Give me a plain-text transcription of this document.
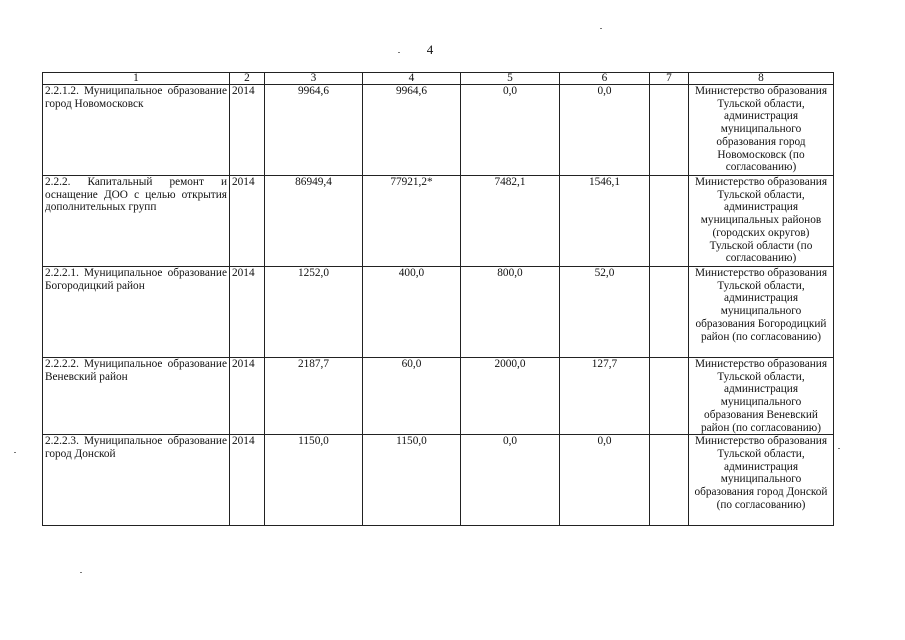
4
1	2	3	4	5	6	7	8
2.2.1.2. Муниципальное образование город Новомосковск	2014	9964,6	9964,6	0,0	0,0		Министерство образования Тульской области, администрация муниципального образования город Новомосковск (по согласованию)
2.2.2. Капитальный ремонт и оснащение ДОО с целью открытия дополнительных групп	2014	86949,4	77921,2*	7482,1	1546,1		Министерство образования Тульской области, администрация муниципальных районов (городских округов) Тульской области (по согласованию)
2.2.2.1. Муниципальное образование Богородицкий район	2014	1252,0	400,0	800,0	52,0		Министерство образования Тульской области, администрация муниципального образования Богородицкий район (по согласованию)
2.2.2.2. Муниципальное образование Веневский район	2014	2187,7	60,0	2000,0	127,7		Министерство образования Тульской области, администрация муниципального образования Веневский район (по согласованию)
2.2.2.3. Муниципальное образование город Донской	2014	1150,0	1150,0	0,0	0,0		Министерство образования Тульской области, администрация муниципального образования город Донской (по согласованию)
